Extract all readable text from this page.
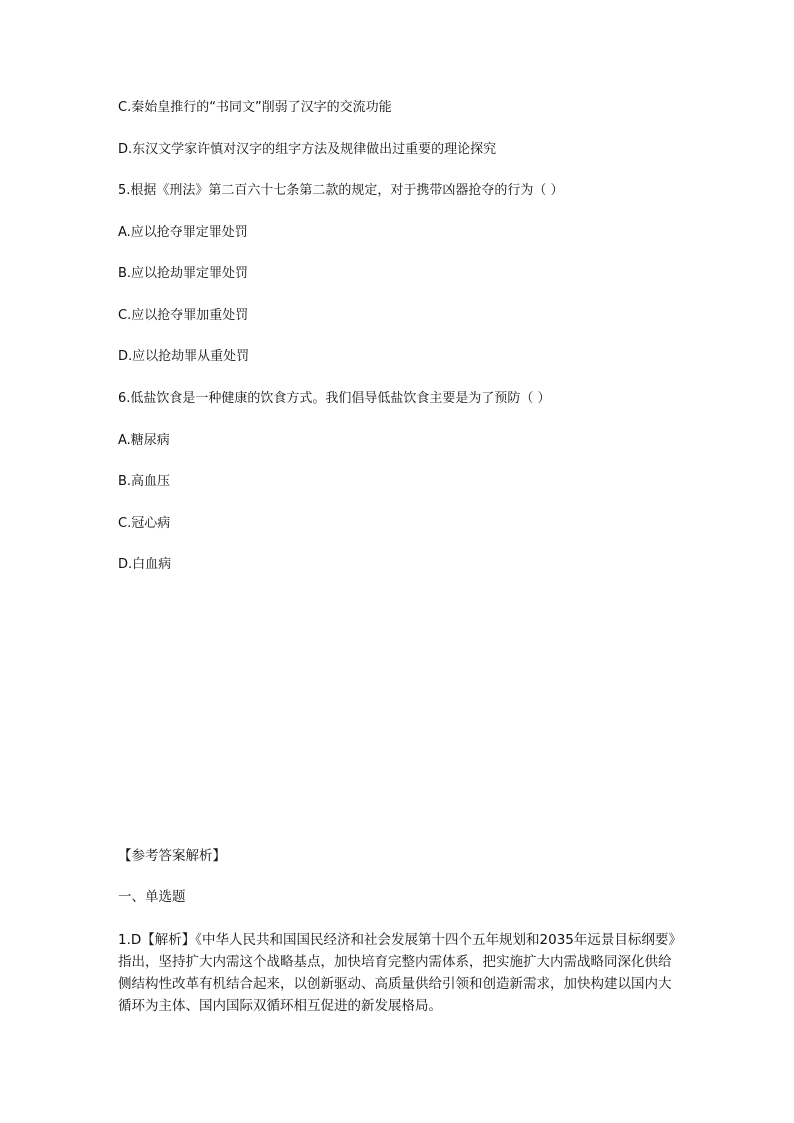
C.秦始皇推行的“书同文”削弱了汉字的交流功能
D.东汉文学家许慎对汉字的组字方法及规律做出过重要的理论探究
5.根据《刑法》第二百六十七条第二款的规定，对于携带凶器抢夺的行为（ ）
A.应以抢夺罪定罪处罚
B.应以抢劫罪定罪处罚
C.应以抢夺罪加重处罚
D.应以抢劫罪从重处罚
6.低盐饮食是一种健康的饮食方式。我们倡导低盐饮食主要是为了预防（ ）
A.糖尿病
B.高血压
C.冠心病
D.白血病
【参考答案解析】
一、单选题
1.D【解析】《中华人民共和国国民经济和社会发展第十四个五年规划和2035年远景目标纲要》指出，坚持扩大内需这个战略基点，加快培育完整内需体系，把实施扩大内需战略同深化供给侧结构性改革有机结合起来，以创新驱动、高质量供给引领和创造新需求，加快构建以国内大循环为主体、国内国际双循环相互促进的新发展格局。
